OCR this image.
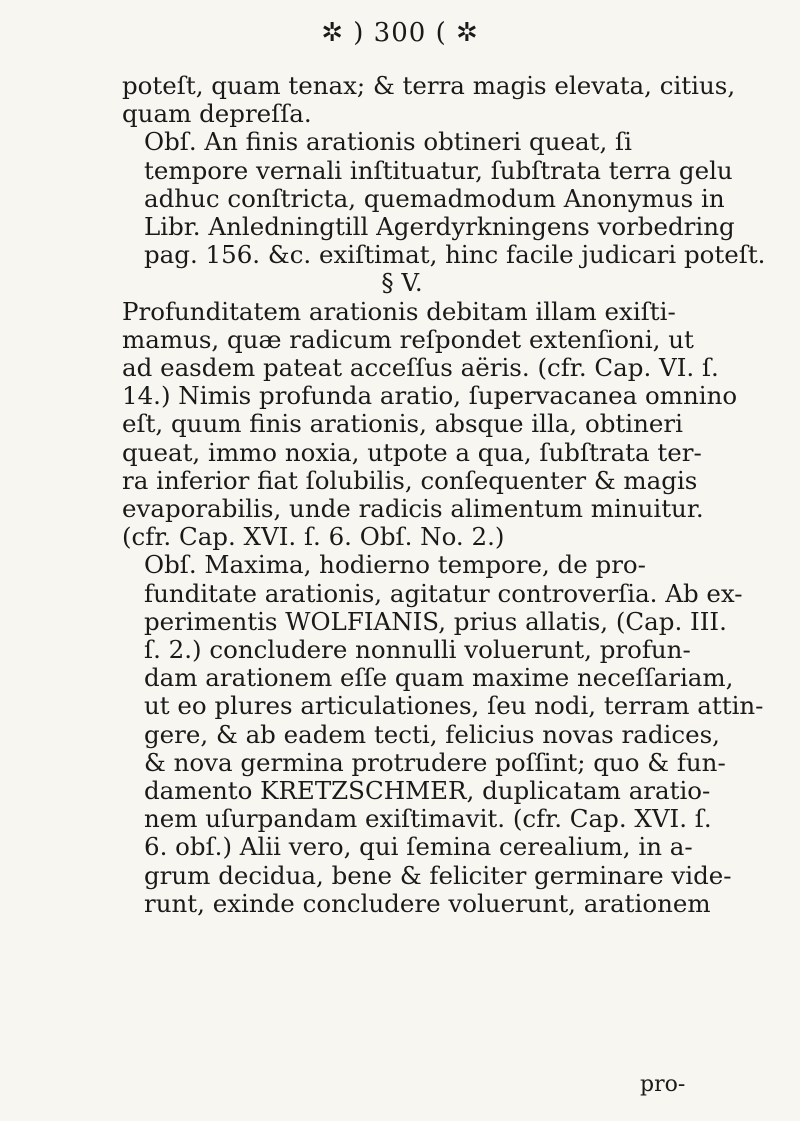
✲ ) 300 ( ✲
poteſt, quam tenax; & terra magis elevata, citius,
quam depreſſa.
Obſ. An finis arationis obtineri queat, ſi
tempore vernali inſtituatur, ſubſtrata terra gelu
adhuc conſtricta, quemadmodum Anonymus in
Libr. Anledningtill Agerdyrkningens vorbedring
pag. 156. &c. exiſtimat, hinc facile judicari poteſt.
§ V.
Profunditatem arationis debitam illam exiſti-
mamus, quæ radicum reſpondet extenſioni, ut
ad easdem pateat acceſſus aëris. (cfr. Cap. VI. ſ.
14.) Nimis profunda aratio, ſupervacanea omnino
eſt, quum finis arationis, absque illa, obtineri
queat, immo noxia, utpote a qua, ſubſtrata ter-
ra inferior fiat ſolubilis, conſequenter & magis
evaporabilis, unde radicis alimentum minuitur.
(cfr. Cap. XVI. ſ. 6. Obſ. No. 2.)
Obſ. Maxima, hodierno tempore, de pro-
funditate arationis, agitatur controverſia. Ab ex-
perimentis WOLFIANIS, prius allatis, (Cap. III.
ſ. 2.) concludere nonnulli voluerunt, profun-
dam arationem eſſe quam maxime neceſſariam,
ut eo plures articulationes, ſeu nodi, terram attin-
gere, & ab eadem tecti, felicius novas radices,
& nova germina protrudere poſſint; quo & fun-
damento KRETZSCHMER, duplicatam aratio-
nem uſurpandam exiſtimavit. (cfr. Cap. XVI. ſ.
6. obſ.) Alii vero, qui ſemina cerealium, in a-
grum decidua, bene & feliciter germinare vide-
runt, exinde concludere voluerunt, arationem
pro-
